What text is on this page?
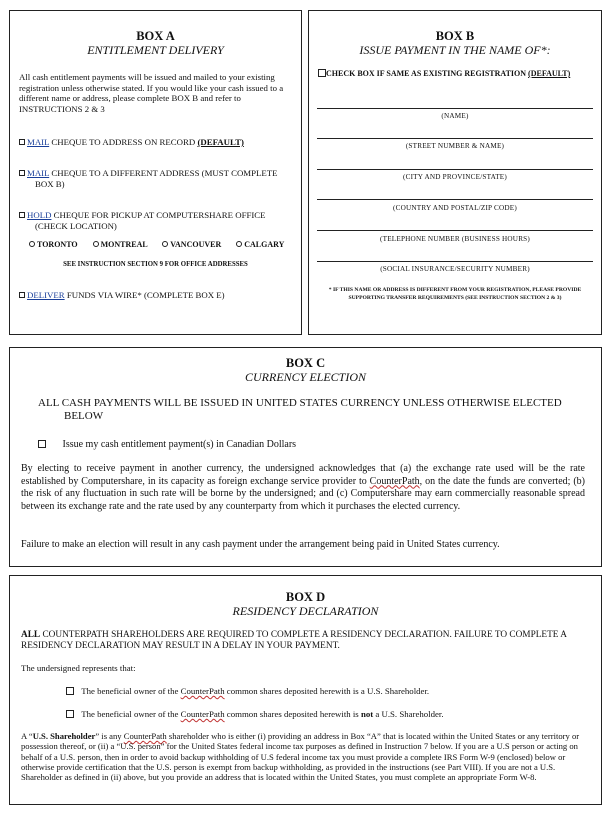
BOX A
ENTITLEMENT DELIVERY
All cash entitlement payments will be issued and mailed to your existing registration unless otherwise stated. If you would like your cash issued to a different name or address, please complete BOX B and refer to INSTRUCTIONS 2 & 3
MAIL CHEQUE TO ADDRESS ON RECORD (DEFAULT)
MAIL CHEQUE TO A DIFFERENT ADDRESS (MUST COMPLETE
BOX B)
HOLD CHEQUE FOR PICKUP AT COMPUTERSHARE OFFICE
(CHECK LOCATION)
TORONTO	MONTREAL	VANCOUVER	CALGARY
SEE INSTRUCTION SECTION 9 FOR OFFICE ADDRESSES
DELIVER FUNDS VIA WIRE* (COMPLETE BOX E)
BOX B
ISSUE PAYMENT IN THE NAME OF*:
CHECK BOX IF SAME AS EXISTING REGISTRATION (DEFAULT)
(NAME)
(STREET NUMBER & NAME)
(CITY AND PROVINCE/STATE)
(COUNTRY AND POSTAL/ZIP CODE)
(TELEPHONE NUMBER (BUSINESS HOURS)
(SOCIAL INSURANCE/SECURITY NUMBER)
* IF THIS NAME OR ADDRESS IS DIFFERENT FROM YOUR REGISTRATION, PLEASE PROVIDE
SUPPORTING TRANSFER REQUIREMENTS (SEE INSTRUCTION SECTION 2 & 3)
BOX C
CURRENCY ELECTION
ALL CASH PAYMENTS WILL BE ISSUED IN UNITED STATES CURRENCY UNLESS OTHERWISE ELECTED
BELOW
Issue my cash entitlement payment(s) in Canadian Dollars
By electing to receive payment in another currency, the undersigned acknowledges that (a) the exchange rate used will be the rate established by Computershare, in its capacity as foreign exchange service provider to CounterPath, on the date the funds are converted; (b) the risk of any fluctuation in such rate will be borne by the undersigned; and (c) Computershare may earn commercially reasonable spread between its exchange rate and the rate used by any counterparty from which it purchases the elected currency.
Failure to make an election will result in any cash payment under the arrangement being paid in United States currency.
BOX D
RESIDENCY DECLARATION
ALL COUNTERPATH SHAREHOLDERS ARE REQUIRED TO COMPLETE A RESIDENCY DECLARATION. FAILURE TO COMPLETE A RESIDENCY DECLARATION MAY RESULT IN A DELAY IN YOUR PAYMENT.
The undersigned represents that:
The beneficial owner of the CounterPath common shares deposited herewith is a U.S. Shareholder.
The beneficial owner of the CounterPath common shares deposited herewith is not a U.S. Shareholder.
A “U.S. Shareholder” is any CounterPath shareholder who is either (i) providing an address in Box “A” that is located within the United States or any territory or possession thereof, or (ii) a “U.S. person” for the United States federal income tax purposes as defined in Instruction 7 below. If you are a U.S person or acting on behalf of a U.S. person, then in order to avoid backup withholding of U.S federal income tax you must provide a complete IRS Form W-9 (enclosed) below or otherwise provide certification that the U.S. person is exempt from backup withholding, as provided in the instructions (see Part VIII). If you are not a U.S. Shareholder as defined in (ii) above, but you provide an address that is located within the United States, you must complete an appropriate Form W-8.
